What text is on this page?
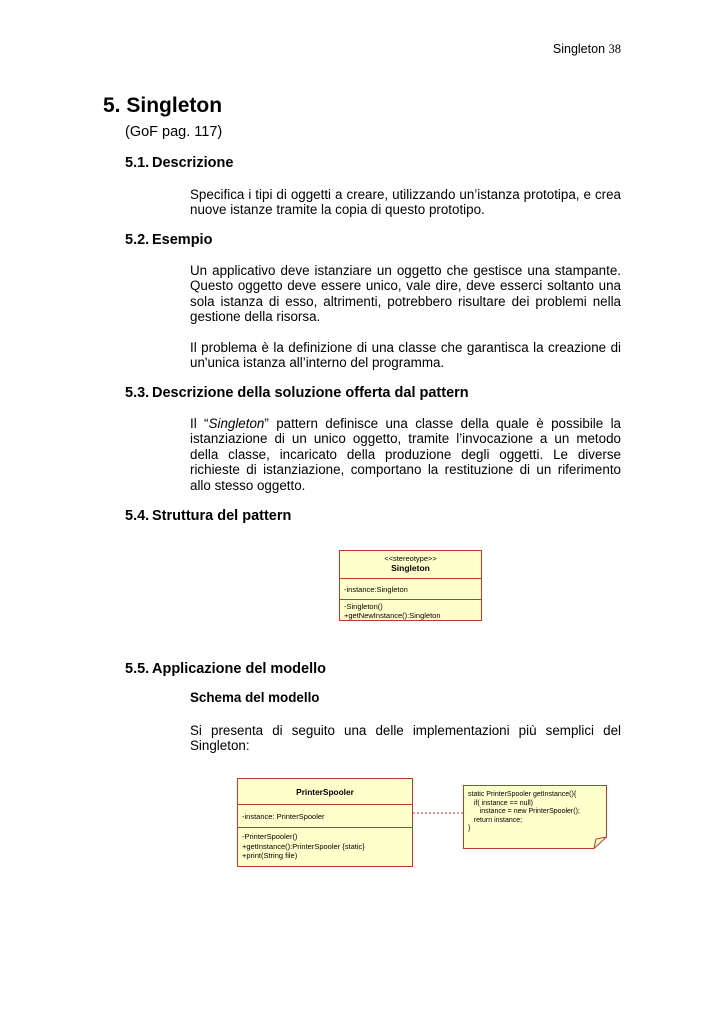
Singleton 38
5. Singleton
(GoF pag. 117)
5.1. Descrizione
Specifica i tipi di oggetti a creare, utilizzando un’istanza prototipa, e crea
nuove istanze tramite la copia di questo prototipo.
5.2. Esempio
Un applicativo deve istanziare un oggetto che gestisce una stampante.
Questo oggetto deve essere unico, vale dire, deve esserci soltanto una
sola istanza di esso, altrimenti, potrebbero risultare dei problemi nella
gestione della risorsa.
Il problema è la definizione di una classe che garantisca la creazione di
un'unica istanza all’interno del programma.
5.3. Descrizione della soluzione offerta dal pattern
Il “Singleton” pattern definisce una classe della quale è possibile la
istanziazione di un unico oggetto, tramite l’invocazione a un metodo
della classe, incaricato della produzione degli oggetti. Le diverse
richieste di istanziazione, comportano la restituzione di un riferimento
allo stesso oggetto.
5.4. Struttura del pattern
<<stereotype>>
Singleton
-instance:Singleton
-Singleton()
+getNewInstance():Singleton
5.5. Applicazione del modello
Schema del modello
Si presenta di seguito una delle implementazioni più semplici del
Singleton:
PrinterSpooler
-instance: PrinterSpooler
-PrinterSpooler()
+getInstance():PrinterSpooler {static}
+print(String file)
static PrinterSpooler getInstance(){
if( instance == null)
instance = new PrinterSpooler();
return instance;
}
